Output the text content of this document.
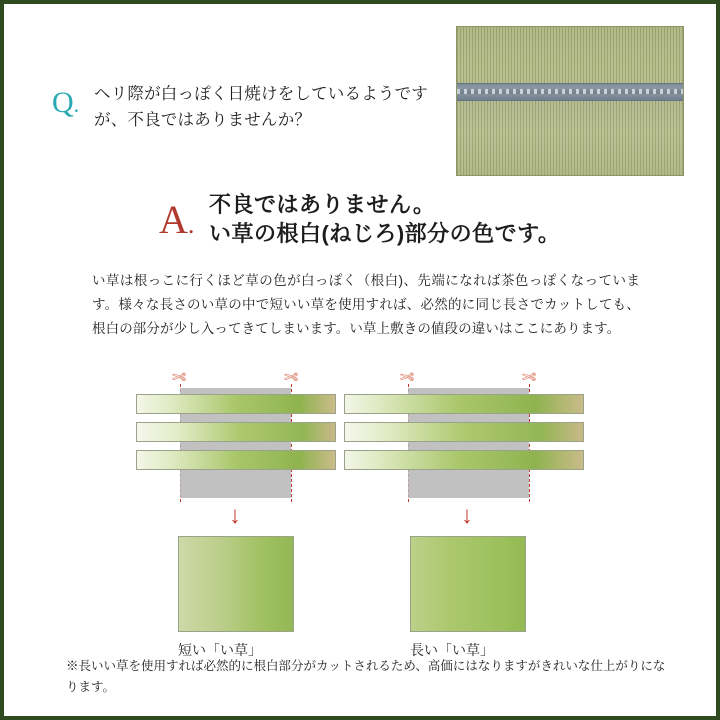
Q. ヘリ際が白っぽく日焼けをしているようですが、不良ではありませんか？
A.
不良ではありません。
い草の根白(ねじろ)部分の色です。
い草は根っこに行くほど草の色が白っぽく（根白)、先端になれば茶色っぽくなっています。様々な長さのい草の中で短いい草を使用すれば、必然的に同じ長さでカットしても、根白の部分が少し入ってきてしまいます。い草上敷きの値段の違いはここにあります。
✄	✄
↓
短い「い草」
✄	✄
↓
長い「い草」
※長いい草を使用すれば必然的に根白部分がカットされるため、高価にはなりますがきれいな仕上がりになります。
